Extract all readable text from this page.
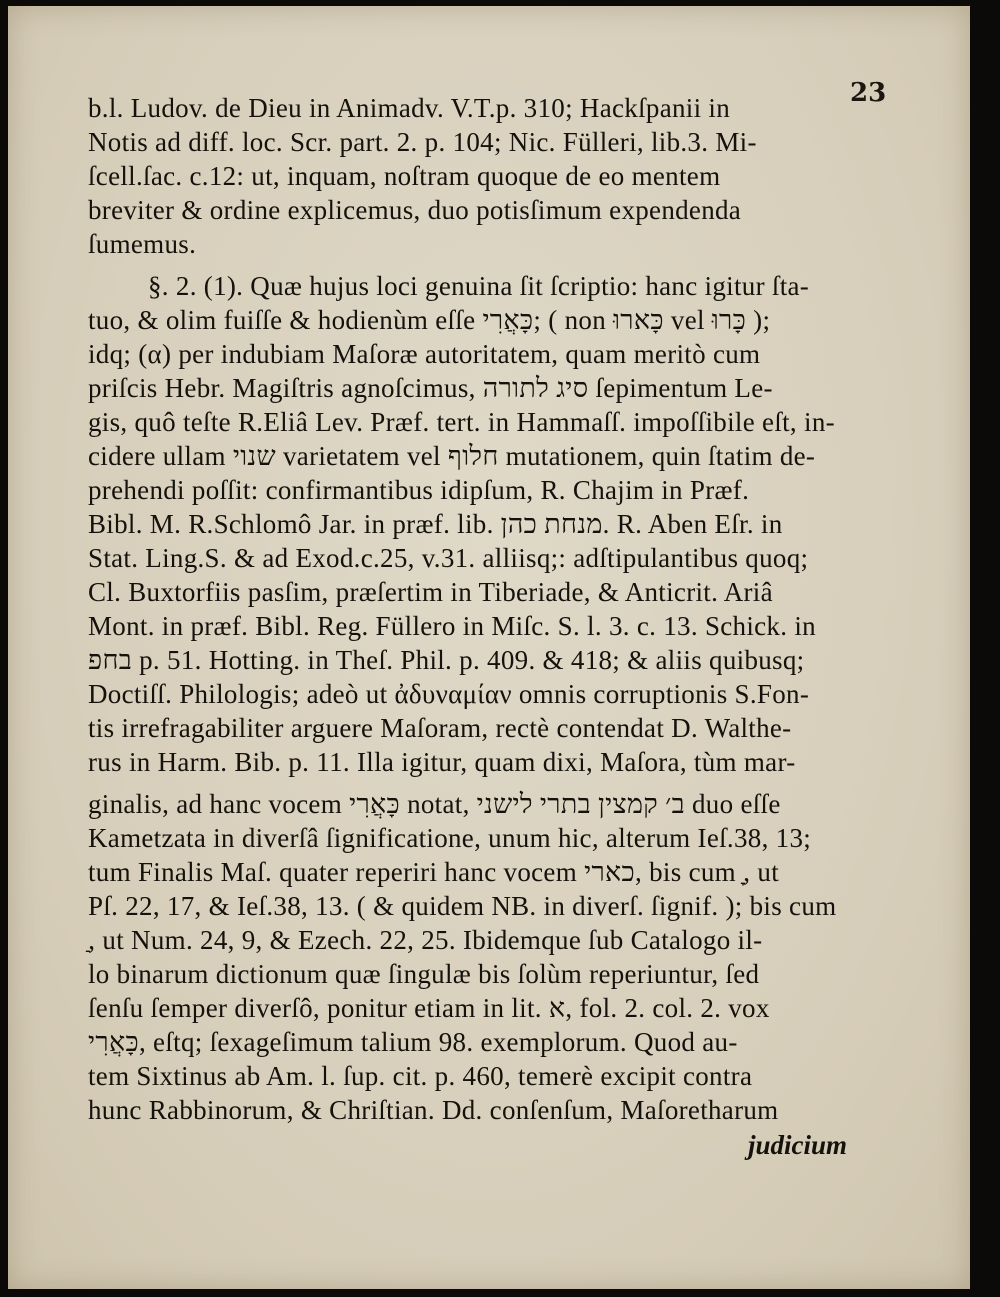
23
b.l. Ludov. de Dieu in Animadv. V.T.p. 310; Hackſpanii in
Notis ad diff. loc. Scr. part. 2. p. 104; Nic. Fülleri, lib.3. Mi-
ſcell.ſac. c.12: ut, inquam, noſtram quoque de eo mentem
breviter & ordine explicemus, duo potisſimum expendenda
ſumemus.
§. 2. (1). Quæ hujus loci genuina ſit ſcriptio: hanc igitur ſta-
tuo, & olim fuiſſe & hodienùm eſſe כָּאֲרִי; ( non כָּארוּ vel כָּרוּ );
idq; (α) per indubiam Maſoræ autoritatem, quam meritò cum
priſcis Hebr. Magiſtris agnoſcimus, סיג לתורה ſepimentum Le-
gis, quô teſte R.Eliâ Lev. Præf. tert. in Hammaſſ. impoſſibile eſt, in-
cidere ullam שנוי varietatem vel חלוף mutationem, quin ſtatim de-
prehendi poſſit: confirmantibus idipſum, R. Chajim in Præf.
Bibl. M. R.Schlomô Jar. in præf. lib. מנחת כהן. R. Aben Eſr. in
Stat. Ling.S. & ad Exod.c.25, v.31. alliisq;: adſtipulantibus quoq;
Cl. Buxtorfiis pasſim, præſertim in Tiberiade, & Anticrit. Ariâ
Mont. in præf. Bibl. Reg. Füllero in Miſc. S. l. 3. c. 13. Schick. in
בחפ p. 51. Hotting. in Theſ. Phil. p. 409. & 418; & aliis quibusq;
Doctiſſ. Philologis; adeò ut ἀδυναμίαν omnis corruptionis S.Fon-
tis irrefragabiliter arguere Maſoram, rectè contendat D. Walthe-
rus in Harm. Bib. p. 11. Illa igitur, quam dixi, Maſora, tùm mar-
ginalis, ad hanc vocem כָּאֲרִי notat, ב׳ קמצין בתרי לישני duo eſſe
Kametzata in diverſâ ſignificatione, unum hic, alterum Ieſ.38, 13;
tum Finalis Maſ. quater reperiri hanc vocem כארי, bis cum ָ, ut
Pſ. 22, 17, & Ieſ.38, 13. ( & quidem NB. in diverſ. ſignif. ); bis cum
ַ, ut Num. 24, 9, & Ezech. 22, 25. Ibidemque ſub Catalogo il-
lo binarum dictionum quæ ſingulæ bis ſolùm reperiuntur, ſed
ſenſu ſemper diverſô, ponitur etiam in lit. א, fol. 2. col. 2. vox
כָּאֲרִי, eſtq; ſexageſimum talium 98. exemplorum. Quod au-
tem Sixtinus ab Am. l. ſup. cit. p. 460, temerè excipit contra
hunc Rabbinorum, & Chriſtian. Dd. conſenſum, Maſoretharum
judicium
